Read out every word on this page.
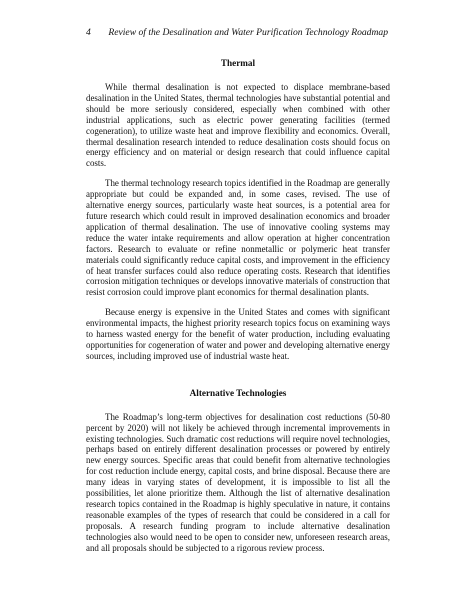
4 Review of the Desalination and Water Purification Technology Roadmap
Thermal

While thermal desalination is not expected to displace membrane-based desalination in the United States, thermal technologies have substantial potential and should be more seriously considered, especially when combined with other industrial applications, such as electric power generating facilities (termed cogeneration), to utilize waste heat and improve flexibility and economics. Overall, thermal desalination research intended to reduce desalination costs should focus on energy efficiency and on material or design research that could influence capital costs.

The thermal technology research topics identified in the Roadmap are generally appropriate but could be expanded and, in some cases, revised. The use of alternative energy sources, particularly waste heat sources, is a potential area for future research which could result in improved desalination economics and broader application of thermal desalination. The use of innovative cooling systems may reduce the water intake requirements and allow operation at higher concentration factors. Research to evaluate or refine nonmetallic or polymeric heat transfer materials could significantly reduce capital costs, and improvement in the efficiency of heat transfer surfaces could also reduce operating costs. Research that identifies corrosion mitigation techniques or develops innovative materials of construction that resist corrosion could improve plant economics for thermal desalination plants.

Because energy is expensive in the United States and comes with significant environmental impacts, the highest priority research topics focus on examining ways to harness wasted energy for the benefit of water production, including evaluating opportunities for cogeneration of water and power and developing alternative energy sources, including improved use of industrial waste heat.

Alternative Technologies

The Roadmap’s long-term objectives for desalination cost reductions (50-80 percent by 2020) will not likely be achieved through incremental improvements in existing technologies. Such dramatic cost reductions will require novel technologies, perhaps based on entirely different desalination processes or powered by entirely new energy sources. Specific areas that could benefit from alternative technologies for cost reduction include energy, capital costs, and brine disposal. Because there are many ideas in varying states of development, it is impossible to list all the possibilities, let alone prioritize them. Although the list of alternative desalination research topics contained in the Roadmap is highly speculative in nature, it contains reasonable examples of the types of research that could be considered in a call for proposals. A research funding program to include alternative desalination technologies also would need to be open to consider new, unforeseen research areas, and all proposals should be subjected to a rigorous review process.
